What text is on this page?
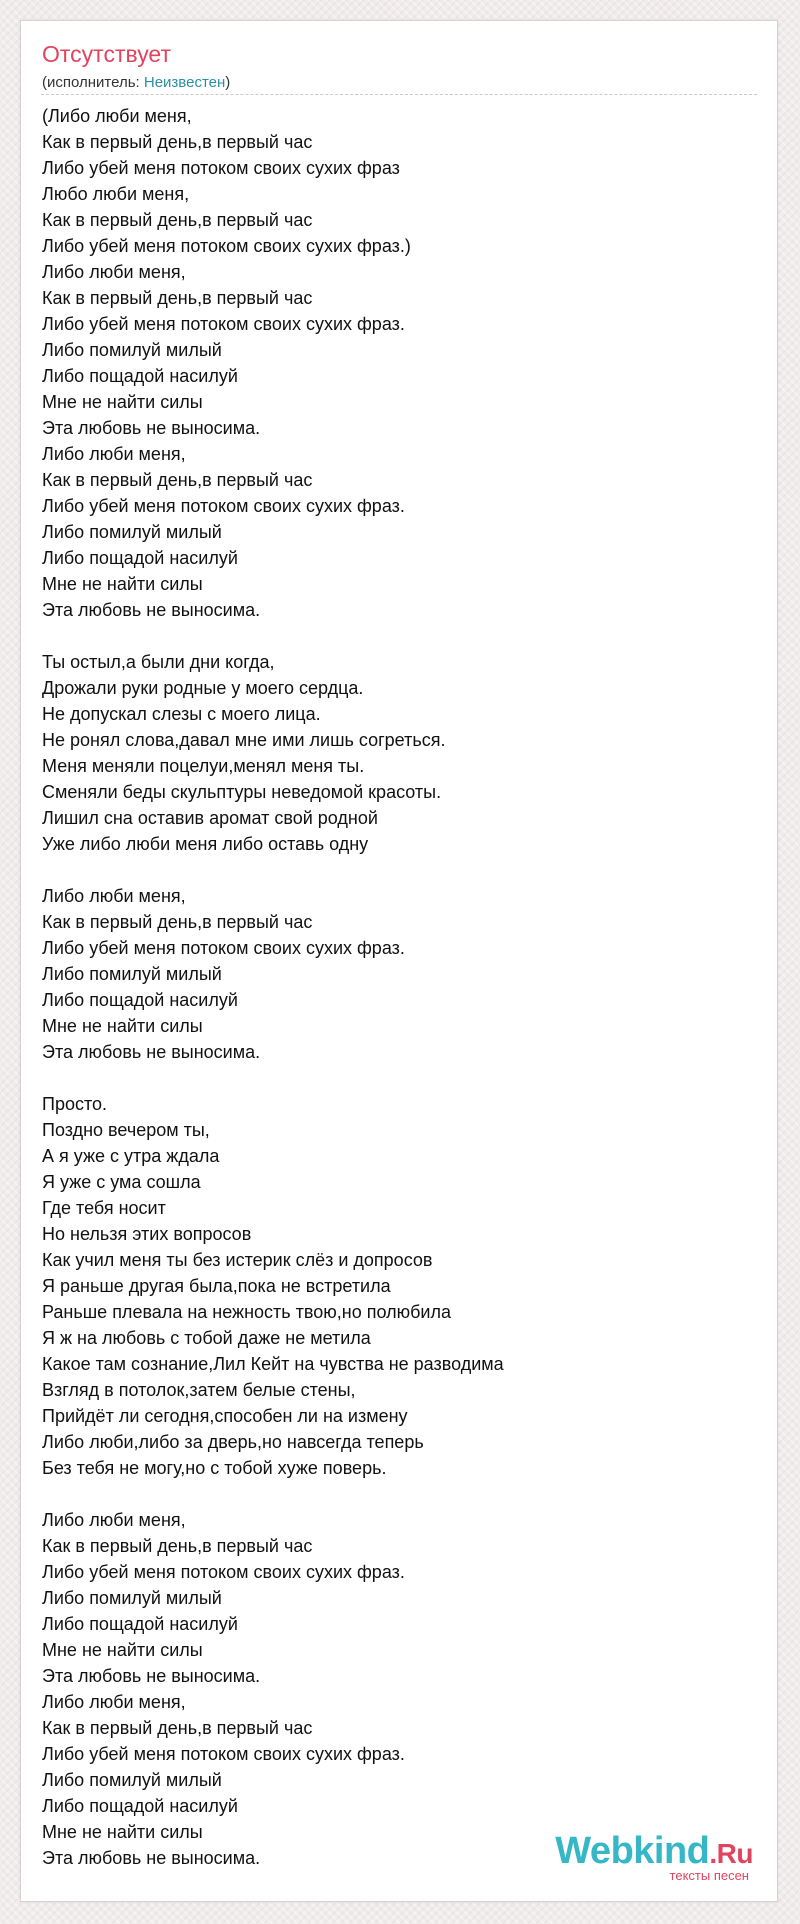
Отсутствует
(исполнитель: Неизвестен)
(Либо люби меня,
Как в первый день,в первый час
Либо убей меня потоком своих сухих фраз
Любо люби меня,
Как в первый день,в первый час
Либо убей меня потоком своих сухих фраз.)
Либо люби меня,
Как в первый день,в первый час
Либо убей меня потоком своих сухих фраз.
Либо помилуй милый
Либо пощадой насилуй
Мне не найти силы
Эта любовь не выносима.
Либо люби меня,
Как в первый день,в первый час
Либо убей меня потоком своих сухих фраз.
Либо помилуй милый
Либо пощадой насилуй
Мне не найти силы
Эта любовь не выносима.
Ты остыл,а были дни когда,
Дрожали руки родные у моего сердца.
Не допускал слезы с моего лица.
Не ронял слова,давал мне ими лишь согреться.
Меня меняли поцелуи,менял меня ты.
Сменяли беды скульптуры неведомой красоты.
Лишил сна оставив аромат свой родной
Уже либо люби меня либо оставь одну
Либо люби меня,
Как в первый день,в первый час
Либо убей меня потоком своих сухих фраз.
Либо помилуй милый
Либо пощадой насилуй
Мне не найти силы
Эта любовь не выносима.
Просто.
Поздно вечером ты,
А я уже с утра ждала
Я уже с ума сошла
Где тебя носит
Но нельзя этих вопросов
Как учил меня ты без истерик слёз и допросов
Я раньше другая была,пока не встретила
Раньше плевала на нежность твою,но полюбила
Я ж на любовь с тобой даже не метила
Какое там сознание,Лил Кейт на чувства не разводима
Взгляд в потолок,затем белые стены,
Прийдёт ли сегодня,способен ли на измену
Либо люби,либо за дверь,но навсегда теперь
Без тебя не могу,но с тобой хуже поверь.
Либо люби меня,
Как в первый день,в первый час
Либо убей меня потоком своих сухих фраз.
Либо помилуй милый
Либо пощадой насилуй
Мне не найти силы
Эта любовь не выносима.
Либо люби меня,
Как в первый день,в первый час
Либо убей меня потоком своих сухих фраз.
Либо помилуй милый
Либо пощадой насилуй
Мне не найти силы
Эта любовь не выносима.	Webkind.Ru
тексты песен
